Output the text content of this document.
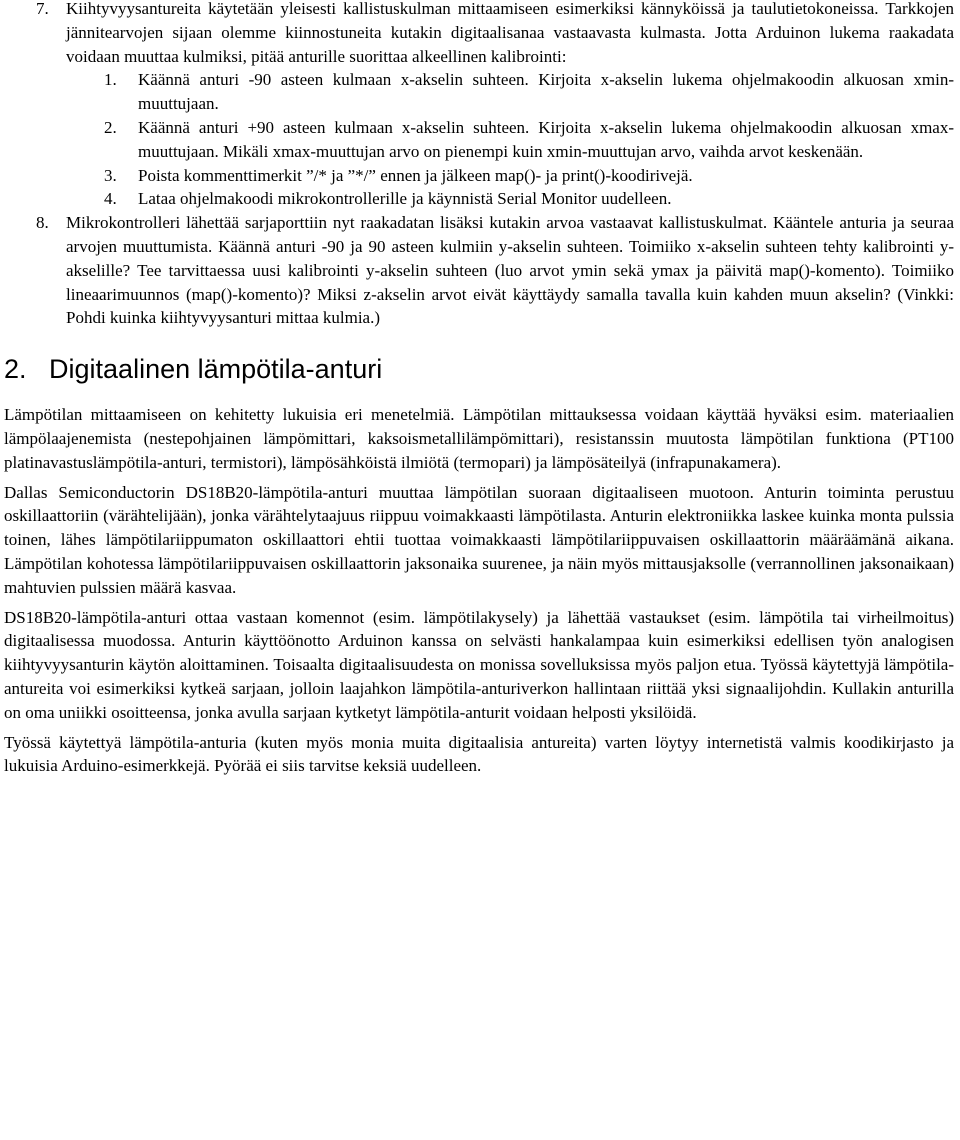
7. Kiihtyvyysantureita käytetään yleisesti kallistuskulman mittaamiseen esimerkiksi kännyköissä ja taulutietokoneissa. Tarkkojen jännitearvojen sijaan olemme kiinnostuneita kutakin digitaalisanaa vastaavasta kulmasta. Jotta Arduinon lukema raakadata voidaan muuttaa kulmiksi, pitää anturille suorittaa alkeellinen kalibrointi:

1. Käännä anturi -90 asteen kulmaan x-akselin suhteen. Kirjoita x-akselin lukema ohjelmakoodin alkuosan xmin-muuttujaan.

2. Käännä anturi +90 asteen kulmaan x-akselin suhteen. Kirjoita x-akselin lukema ohjelmakoodin alkuosan xmax-muuttujaan. Mikäli xmax-muuttujan arvo on pienempi kuin xmin-muuttujan arvo, vaihda arvot keskenään.

3. Poista kommenttimerkit ”/* ja ”*/” ennen ja jälkeen map()- ja print()-koodirivejä.

4. Lataa ohjelmakoodi mikrokontrollerille ja käynnistä Serial Monitor uudelleen.

8. Mikrokontrolleri lähettää sarjaporttiin nyt raakadatan lisäksi kutakin arvoa vastaavat kallistuskulmat. Kääntele anturia ja seuraa arvojen muuttumista. Käännä anturi -90 ja 90 asteen kulmiin y-akselin suhteen. Toimiiko x-akselin suhteen tehty kalibrointi y-akselille? Tee tarvittaessa uusi kalibrointi y-akselin suhteen (luo arvot ymin sekä ymax ja päivitä map()-komento). Toimiiko lineaarimuunnos (map()-komento)? Miksi z-akselin arvot eivät käyttäydy samalla tavalla kuin kahden muun akselin? (Vinkki: Pohdi kuinka kiihtyvyysanturi mittaa kulmia.)

2.   Digitaalinen lämpötila-anturi

Lämpötilan mittaamiseen on kehitetty lukuisia eri menetelmiä. Lämpötilan mittauksessa voidaan käyttää hyväksi esim. materiaalien lämpölaajenemista (nestepohjainen lämpömittari, kaksoismetallilämpömittari), resistanssin muutosta lämpötilan funktiona (PT100 platinavastuslämpötila-anturi, termistori), lämpösähköistä ilmiötä (termopari) ja lämpösäteilyä (infrapunakamera).

Dallas Semiconductorin DS18B20-lämpötila-anturi muuttaa lämpötilan suoraan digitaaliseen muotoon. Anturin toiminta perustuu oskillaattoriin (värähtelijään), jonka värähtelytaajuus riippuu voimakkaasti lämpötilasta. Anturin elektroniikka laskee kuinka monta pulssia toinen, lähes lämpötilariippumaton oskillaattori ehtii tuottaa voimakkaasti lämpötilariippuvaisen oskillaattorin määräämänä aikana. Lämpötilan kohotessa lämpötilariippuvaisen oskillaattorin jaksonaika suurenee, ja näin myös mittausjaksolle (verrannollinen jaksonaikaan) mahtuvien pulssien määrä kasvaa.

DS18B20-lämpötila-anturi ottaa vastaan komennot (esim. lämpötilakysely) ja lähettää vastaukset (esim. lämpötila tai virheilmoitus) digitaalisessa muodossa. Anturin käyttöönotto Arduinon kanssa on selvästi hankalampaa kuin esimerkiksi edellisen työn analogisen kiihtyvyysanturin käytön aloittaminen. Toisaalta digitaalisuudesta on monissa sovelluksissa myös paljon etua. Työssä käytettyjä lämpötila-antureita voi esimerkiksi kytkeä sarjaan, jolloin laajahkon lämpötila-anturiverkon hallintaan riittää yksi signaalijohdin. Kullakin anturilla on oma uniikki osoitteensa, jonka avulla sarjaan kytketyt lämpötila-anturit voidaan helposti yksilöidä.

Työssä käytettyä lämpötila-anturia (kuten myös monia muita digitaalisia antureita) varten löytyy internetistä valmis koodikirjasto ja lukuisia Arduino-esimerkkejä. Pyörää ei siis tarvitse keksiä uudelleen.
